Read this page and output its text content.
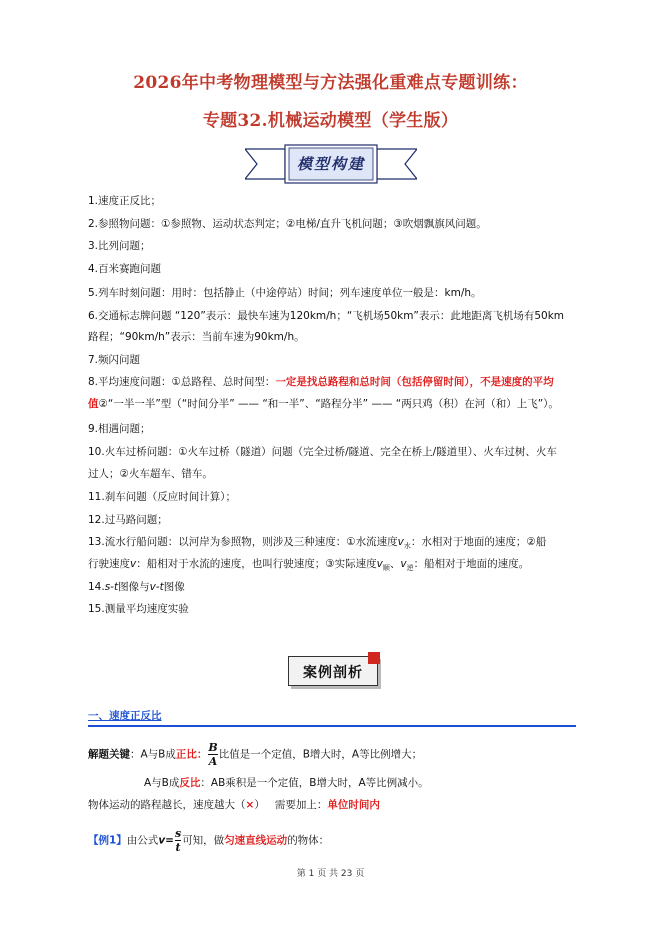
2026年中考物理模型与方法强化重难点专题训练：
专题32.机械运动模型（学生版）
模型构建
1.速度正反比；
2.参照物问题：①参照物、运动状态判定；②电梯/直升飞机问题；③吹烟飘旗风问题。
3.比列问题；
4.百米赛跑问题
5.列车时刻问题：用时：包括静止（中途停站）时间；列车速度单位一般是：km/h。
6.交通标志牌问题 “120”表示：最快车速为120km/h；“飞机场50km”表示：此地距离飞机场有50km
路程；“90km/h”表示：当前车速为90km/h。
7.频闪问题
8.平均速度问题：①总路程、总时间型：一定是找总路程和总时间（包括停留时间），不是速度的平均
值②“一半一半”型（“时间分半” —— “和一半”、“路程分半” —— “两只鸡（积）在河（和）上飞”）。
9.相遇问题；
10.火车过桥问题：①火车过桥（隧道）问题（完全过桥/隧道、完全在桥上/隧道里）、火车过树、火车
过人；②火车超车、错车。
11.刹车问题（反应时间计算）；
12.过马路问题；
13.流水行船问题：以河岸为参照物，则涉及三种速度：①水流速度$v_水$：水相对于地面的速度；②船
行驶速度v：船相对于水流的速度，也叫行驶速度；③实际速度$v_顺$、$v_逆$：船相对于地面的速度。
14.s-t图像与v-t图像
15.测量平均速度实验
案例剖析
一、速度正反比
解题关键：A与B成正比： $\frac{B}{A}$ 比值是一个定值，B增大时，A等比例增大；
A与B成反比：AB乘积是一个定值，B增大时，A等比例减小。
物体运动的路程越长，速度越大（×） 需要加上：单位时间内
【例1】由公式$v= \frac{s}{t}$ 可知，做匀速直线运动的物体：
第 1 页 共 23 页
